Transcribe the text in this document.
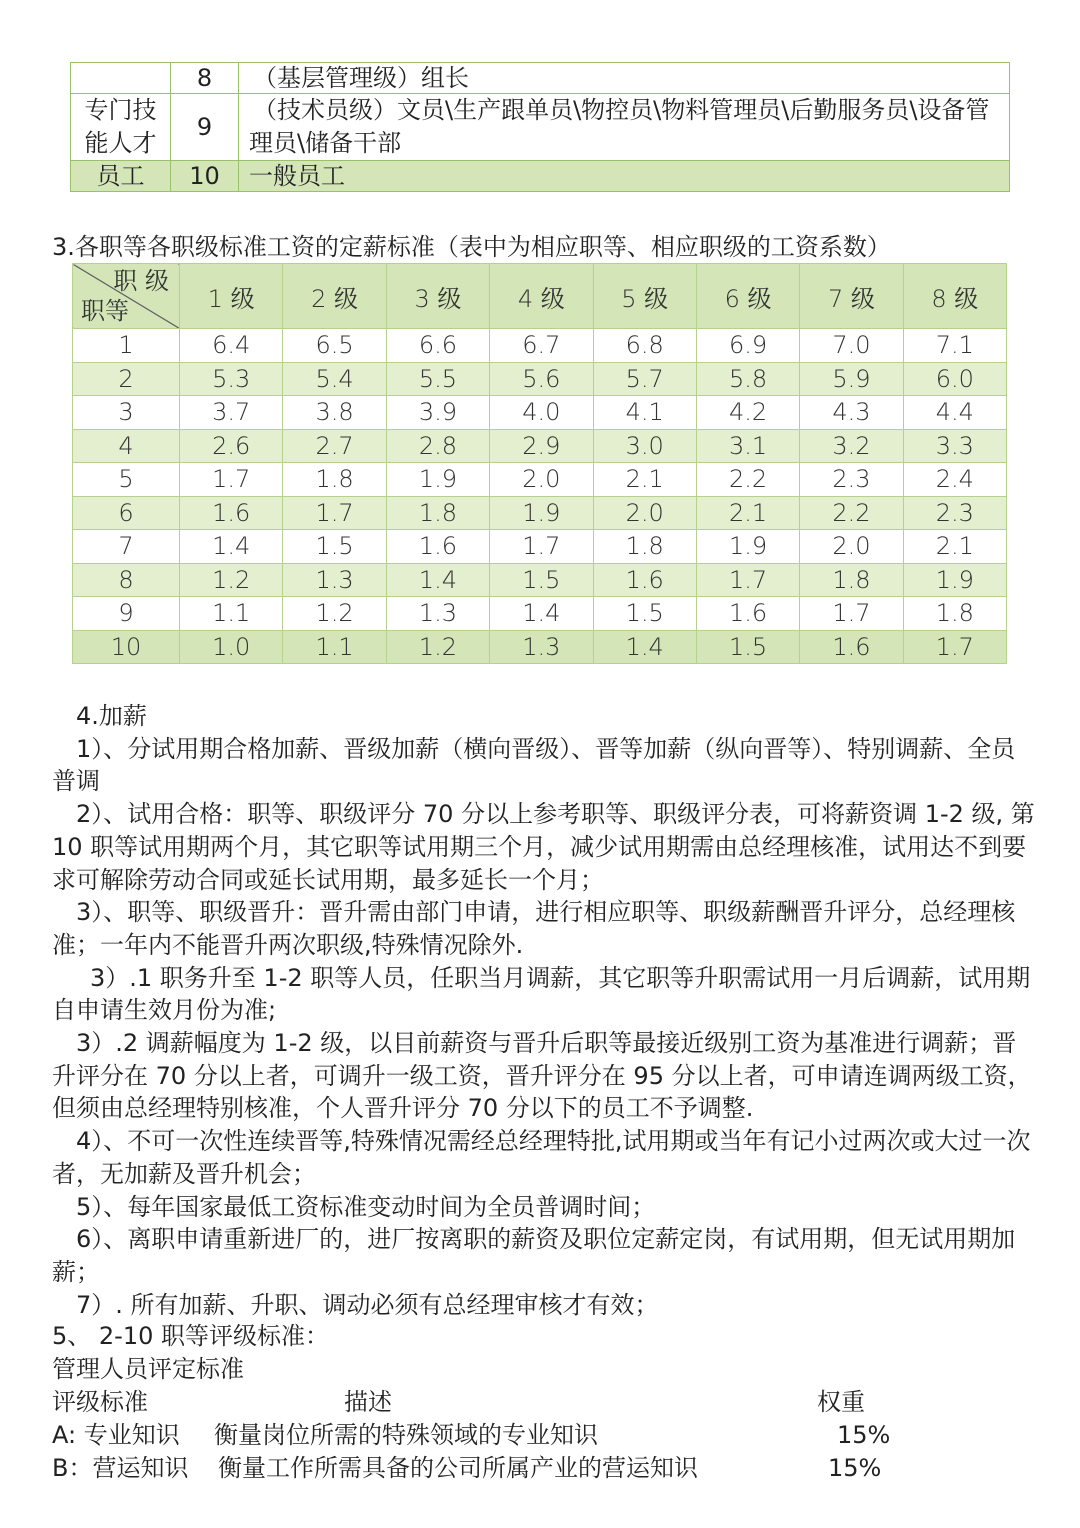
	8	（基层管理级）组长
专门技能人才	9	（技术员级）文员\生产跟单员\物控员\物料管理员\后勤服务员\设备管理员\储备干部
员工	10	一般员工
3.各职等各职级标准工资的定薪标准（表中为相应职等、相应职级的工资系数）
职 级
职等	1 级	2 级	3 级	4 级	5 级	6 级	7 级	8 级
1	6.4	6.5	6.6	6.7	6.8	6.9	7.0	7.1
2	5.3	5.4	5.5	5.6	5.7	5.8	5.9	6.0
3	3.7	3.8	3.9	4.0	4.1	4.2	4.3	4.4
4	2.6	2.7	2.8	2.9	3.0	3.1	3.2	3.3
5	1.7	1.8	1.9	2.0	2.1	2.2	2.3	2.4
6	1.6	1.7	1.8	1.9	2.0	2.1	2.2	2.3
7	1.4	1.5	1.6	1.7	1.8	1.9	2.0	2.1
8	1.2	1.3	1.4	1.5	1.6	1.7	1.8	1.9
9	1.1	1.2	1.3	1.4	1.5	1.6	1.7	1.8
10	1.0	1.1	1.2	1.3	1.4	1.5	1.6	1.7

4.加薪

1）、分试用期合格加薪、晋级加薪（横向晋级）、晋等加薪（纵向晋等）、特别调薪、全员普调

2）、试用合格：职等、职级评分 70 分以上参考职等、职级评分表，可将薪资调 1-2 级, 第 10 职等试用期两个月，其它职等试用期三个月，减少试用期需由总经理核准，试用达不到要求可解除劳动合同或延长试用期，最多延长一个月；

3）、职等、职级晋升：晋升需由部门申请，进行相应职等、职级薪酬晋升评分，总经理核准；一年内不能晋升两次职级,特殊情况除外.

3）.1 职务升至 1-2 职等人员，任职当月调薪，其它职等升职需试用一月后调薪，试用期自申请生效月份为准;

3）.2 调薪幅度为 1-2 级，以目前薪资与晋升后职等最接近级别工资为基准进行调薪；晋升评分在 70 分以上者，可调升一级工资，晋升评分在 95 分以上者，可申请连调两级工资，但须由总经理特别核准，个人晋升评分 70 分以下的员工不予调整.

4）、不可一次性连续晋等,特殊情况需经总经理特批,试用期或当年有记小过两次或大过一次者，无加薪及晋升机会；

5）、每年国家最低工资标准变动时间为全员普调时间；

6）、离职申请重新进厂的，进厂按离职的薪资及职位定薪定岗，有试用期，但无试用期加薪；

7）. 所有加薪、升职、调动必须有总经理审核才有效；

5、 2-10 职等评级标准：
管理人员评定标准
评级标准	描述	权重
A: 专业知识 衡量岗位所需的特殊领域的专业知识	15%
B：营运知识 衡量工作所需具备的公司所属产业的营运知识	15%
